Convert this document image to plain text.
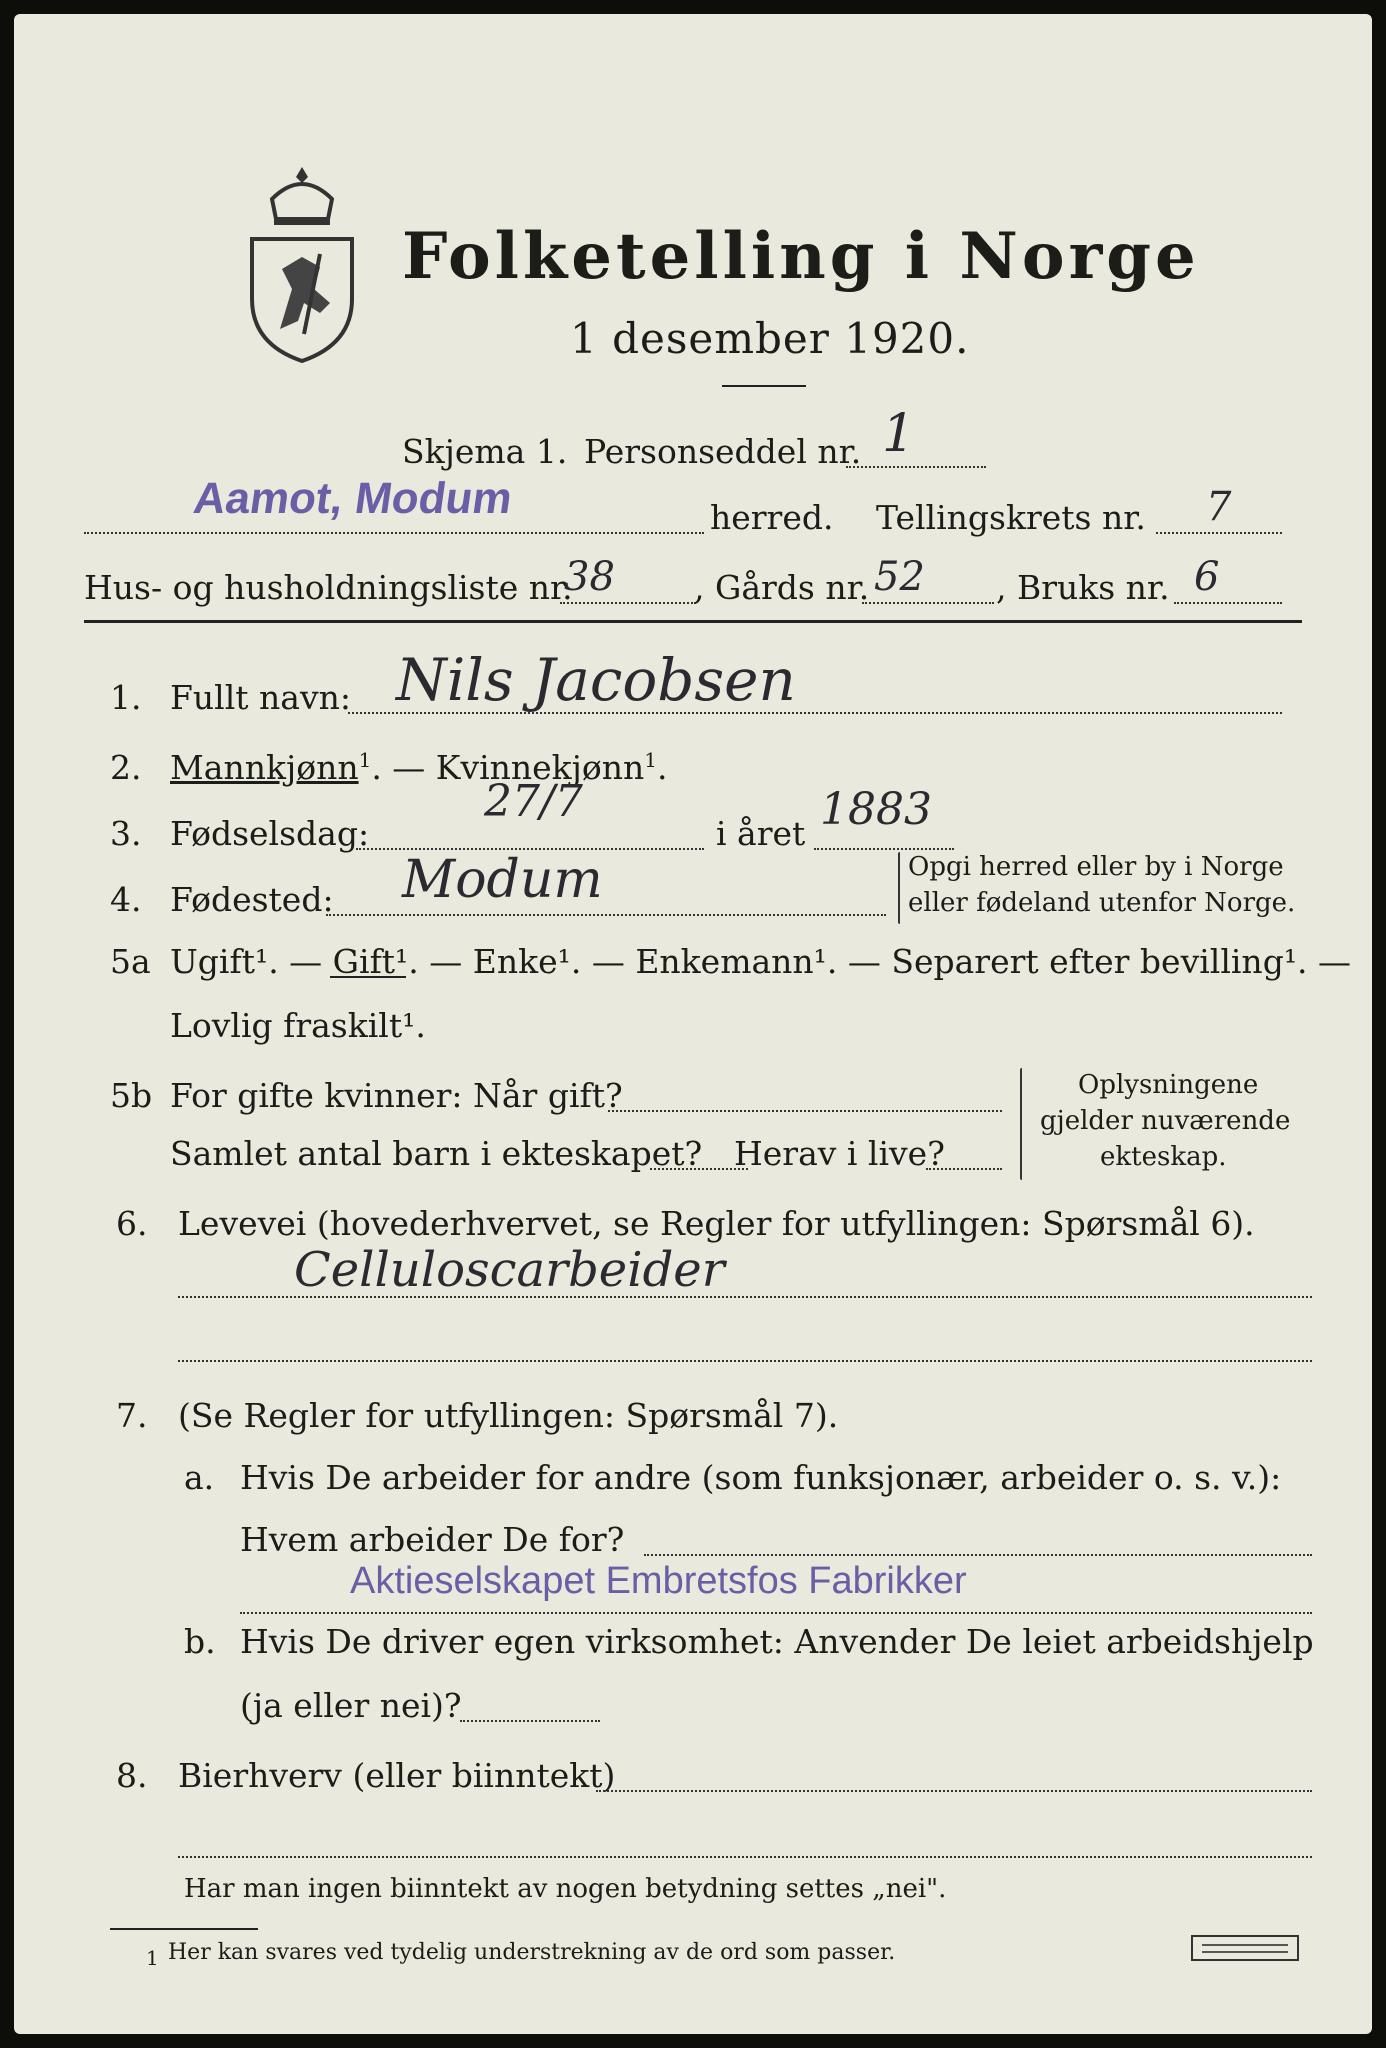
Folketelling i Norge
1 desember 1920.
Skjema 1. Personseddel nr. 1
Aamot, Modum	herred. Tellingskrets nr. 7
Hus- og husholdningsliste nr.
38 , Gårds nr. 52 , Bruks nr. 6
1. Fullt navn: Nils Jacobsen
2. Mannkjønn$^1$. — Kvinnekjønn$^1$.
3. Fødselsdag:
27/7
i året 1883
4. Fødested: Modum	Opgi herred eller by i Norge
eller fødeland utenfor Norge.
5a Ugift¹. — Gift¹. — Enke¹. — Enkemann¹. — Separert efter bevilling¹. —
Lovlig fraskilt¹.
5b For gifte kvinner: Når gift?
Samlet antal barn i ekteskapet? Herav i live?
Oplysningene
gjelder nuværende
ekteskap.
6. Levevei (hovederhvervet, se Regler for utfyllingen: Spørsmål 6).
Celluloscarbeider
7. (Se Regler for utfyllingen: Spørsmål 7).
a. Hvis De arbeider for andre (som funksjonær, arbeider o. s. v.):
Hvem arbeider De for?
Aktieselskapet Embretsfos Fabrikker
b. Hvis De driver egen virksomhet: Anvender De leiet arbeidshjelp
(ja eller nei)?
8. Bierhverv (eller biinntekt)
Har man ingen biinntekt av nogen betydning settes „nei".
1 Her kan svares ved tydelig understrekning av de ord som passer.
